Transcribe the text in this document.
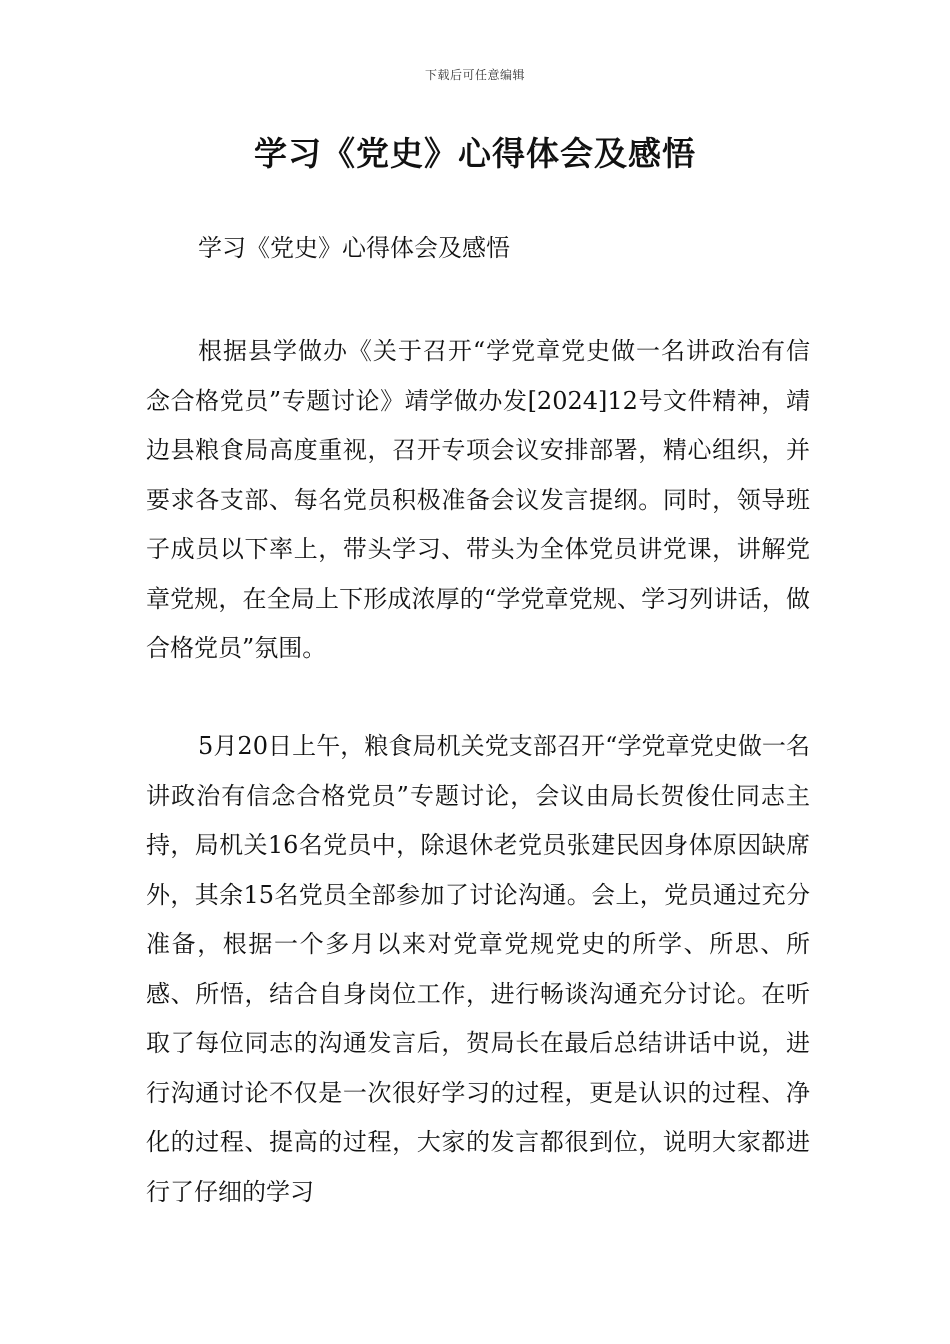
下载后可任意编辑
学习《党史》心得体会及感悟

学习《党史》心得体会及感悟

根据县学做办《关于召开“学党章党史做一名讲政治有信念合格党员”专题讨论》靖学做办发[2024]12号文件精神，靖边县粮食局高度重视，召开专项会议安排部署，精心组织，并要求各支部、每名党员积极准备会议发言提纲。同时，领导班子成员以下率上，带头学习、带头为全体党员讲党课，讲解党章党规，在全局上下形成浓厚的“学党章党规、学习列讲话，做合格党员”氛围。

5月20日上午，粮食局机关党支部召开“学党章党史做一名讲政治有信念合格党员”专题讨论，会议由局长贺俊仕同志主持，局机关16名党员中，除退休老党员张建民因身体原因缺席外，其余15名党员全部参加了讨论沟通。会上，党员通过充分准备，根据一个多月以来对党章党规党史的所学、所思、所感、所悟，结合自身岗位工作，进行畅谈沟通充分讨论。在听取了每位同志的沟通发言后，贺局长在最后总结讲话中说，进行沟通讨论不仅是一次很好学习的过程，更是认识的过程、净化的过程、提高的过程，大家的发言都很到位，说明大家都进行了仔细的学习
